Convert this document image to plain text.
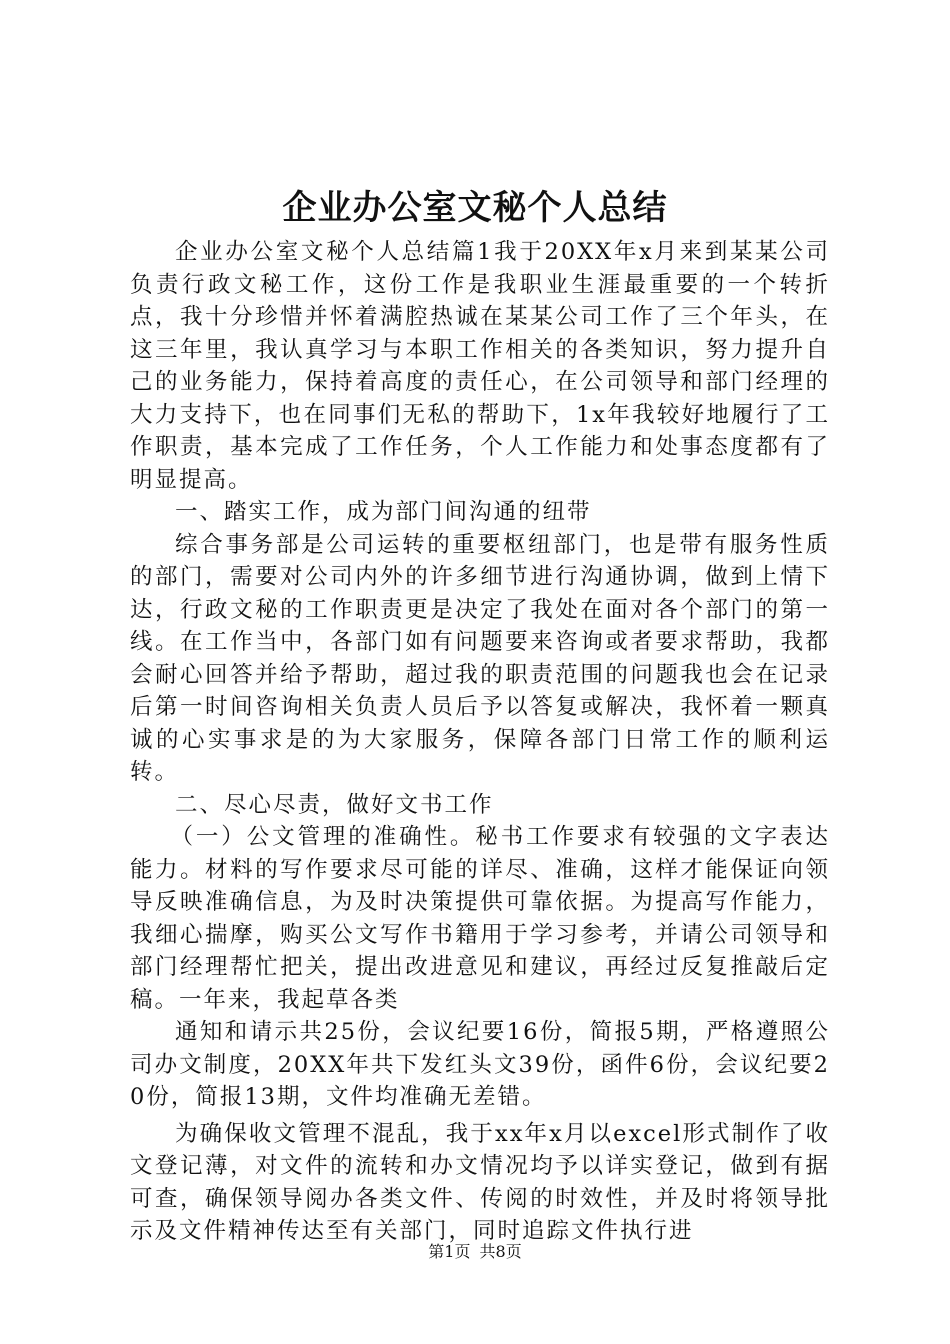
企业办公室文秘个人总结

企业办公室文秘个人总结篇1我于20XX年x月来到某某公司负责行政文秘工作，这份工作是我职业生涯最重要的一个转折点，我十分珍惜并怀着满腔热诚在某某公司工作了三个年头，在这三年里，我认真学习与本职工作相关的各类知识，努力提升自己的业务能力，保持着高度的责任心，在公司领导和部门经理的大力支持下，也在同事们无私的帮助下，1x年我较好地履行了工作职责，基本完成了工作任务，个人工作能力和处事态度都有了明显提高。

一、踏实工作，成为部门间沟通的纽带

综合事务部是公司运转的重要枢纽部门，也是带有服务性质的部门，需要对公司内外的许多细节进行沟通协调，做到上情下达，行政文秘的工作职责更是决定了我处在面对各个部门的第一线。在工作当中，各部门如有问题要来咨询或者要求帮助，我都会耐心回答并给予帮助，超过我的职责范围的问题我也会在记录后第一时间咨询相关负责人员后予以答复或解决，我怀着一颗真诚的心实事求是的为大家服务，保障各部门日常工作的顺利运转。

二、尽心尽责，做好文书工作

（一）公文管理的准确性。秘书工作要求有较强的文字表达能力。材料的写作要求尽可能的详尽、准确，这样才能保证向领导反映准确信息，为及时决策提供可靠依据。为提高写作能力，我细心揣摩，购买公文写作书籍用于学习参考，并请公司领导和部门经理帮忙把关，提出改进意见和建议，再经过反复推敲后定稿。一年来，我起草各类

通知和请示共25份，会议纪要16份，简报5期，严格遵照公司办文制度，20XX年共下发红头文39份，函件6份，会议纪要20份，简报13期，文件均准确无差错。

为确保收文管理不混乱，我于xx年x月以excel形式制作了收文登记薄，对文件的流转和办文情况均予以详实登记，做到有据可查，确保领导阅办各类文件、传阅的时效性，并及时将领导批示及文件精神传达至有关部门，同时追踪文件执行进

第1页 共8页
